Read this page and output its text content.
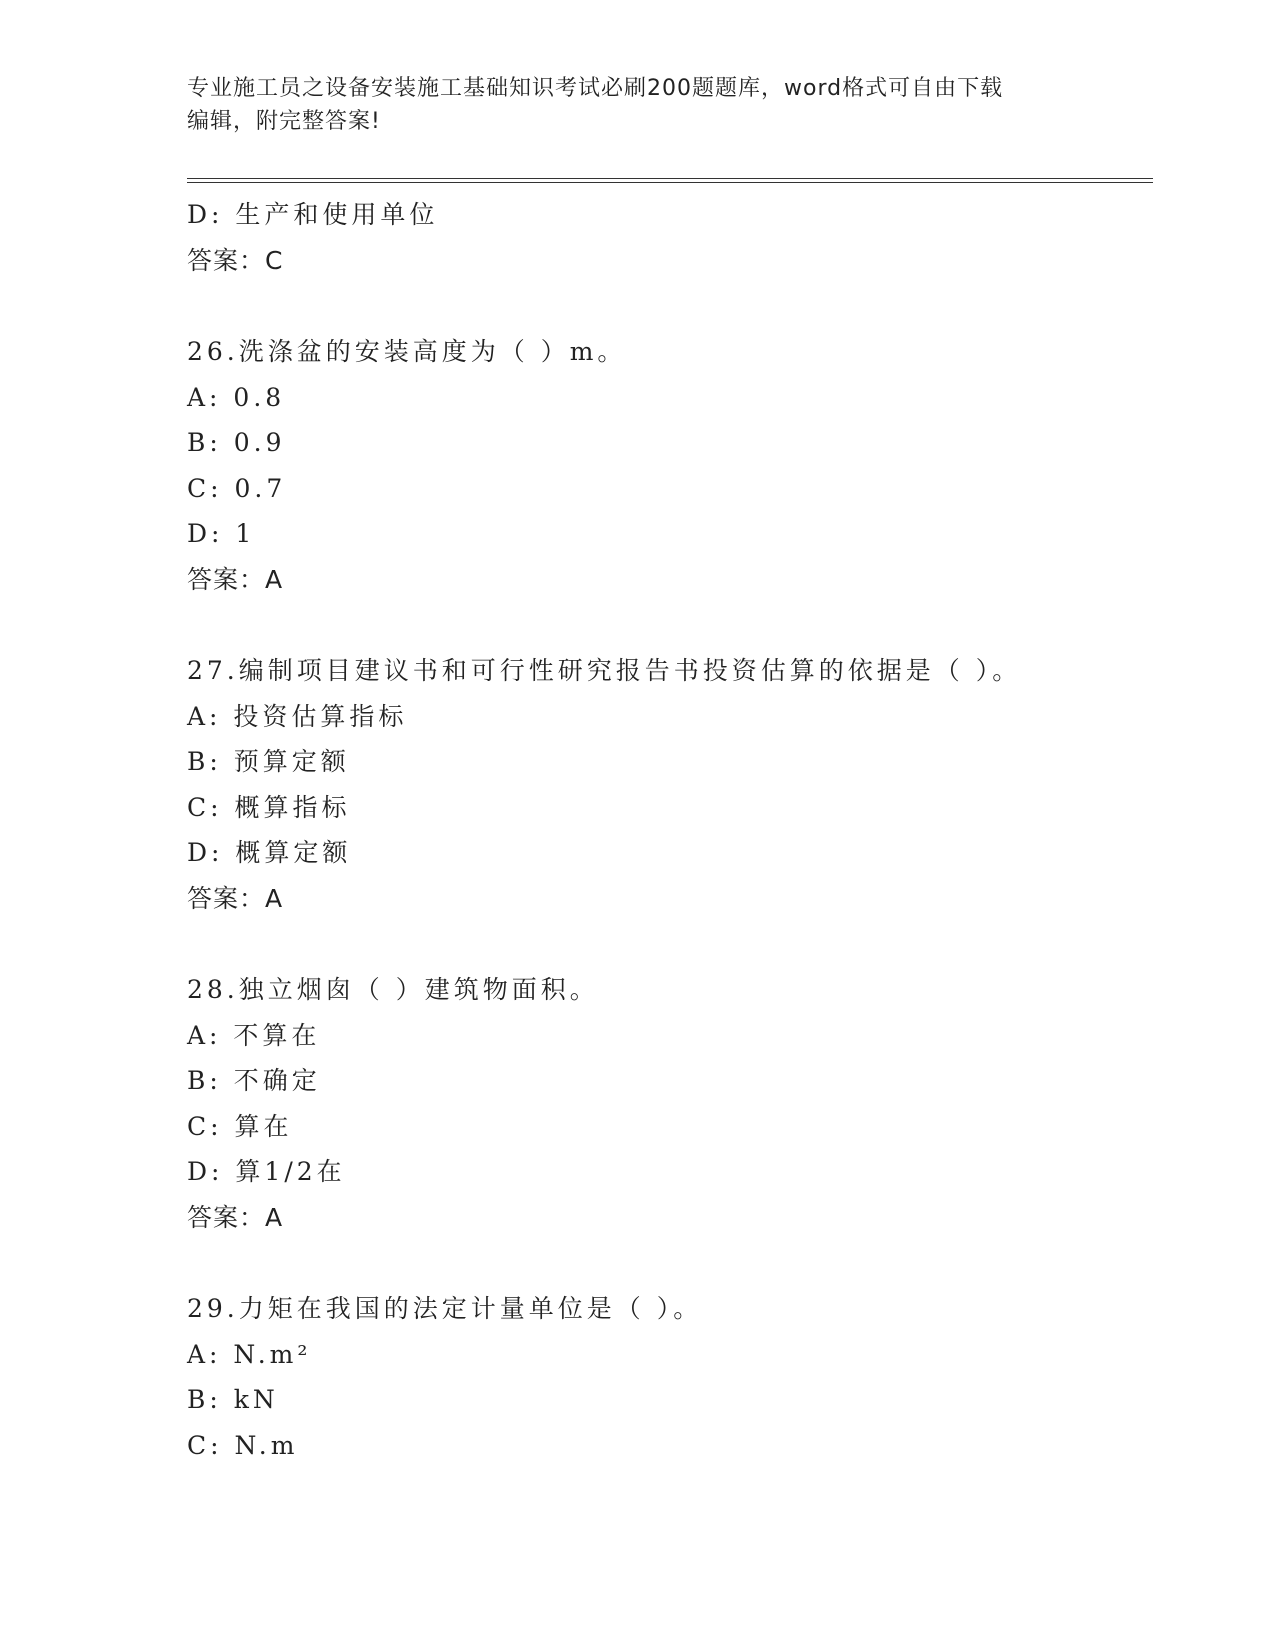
专业施工员之设备安装施工基础知识考试必刷200题题库，word格式可自由下载
编辑，附完整答案!
D: 生产和使用单位
答案：C
26.洗涤盆的安装高度为（ ）m。
A: 0.8
B: 0.9
C: 0.7
D: 1
答案：A
27.编制项目建议书和可行性研究报告书投资估算的依据是（ ）。
A: 投资估算指标
B: 预算定额
C: 概算指标
D: 概算定额
答案：A
28.独立烟囱（ ）建筑物面积。
A: 不算在
B: 不确定
C: 算在
D: 算1/2在
答案：A
29.力矩在我国的法定计量单位是（ ）。
A: N.m²
B: kN
C: N.m
